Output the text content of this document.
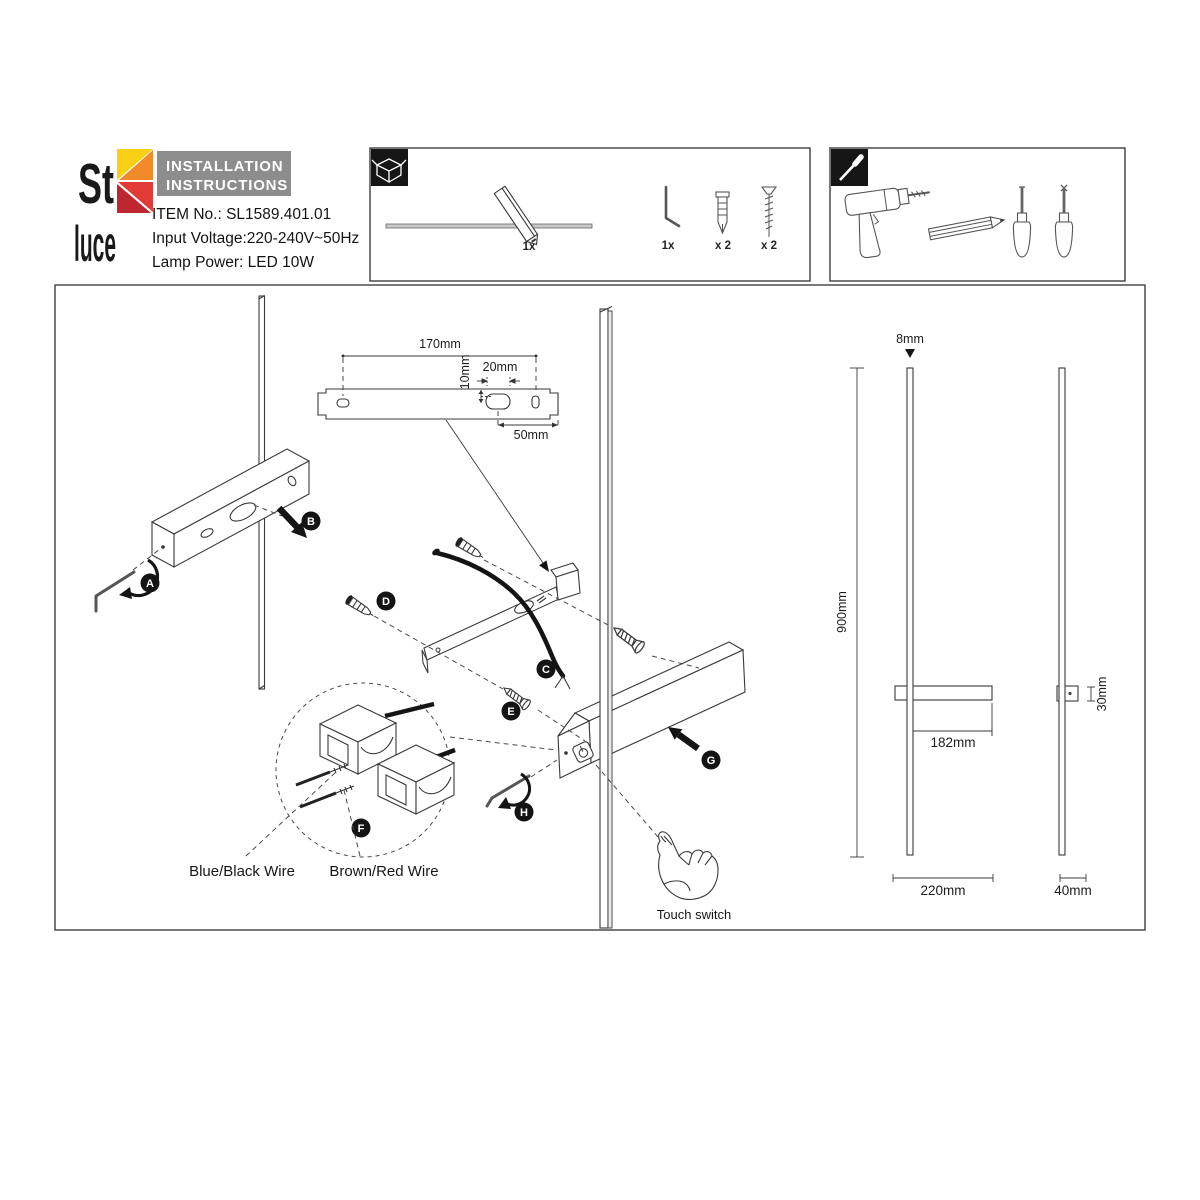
St
luce
INSTALLATION
INSTRUCTIONS
ITEM No.: SL1589.401.01
Input Voltage:220-240V~50Hz
Lamp Power: LED 10W
1x	1x	x 2	x 2
A
B
170mm
10mm 20mm
50mm
D
E
C
F
Blue/Black Wire Brown/Red Wire
G
H
Touch switch
900mm
8mm
182mm
220mm
30mm
40mm
